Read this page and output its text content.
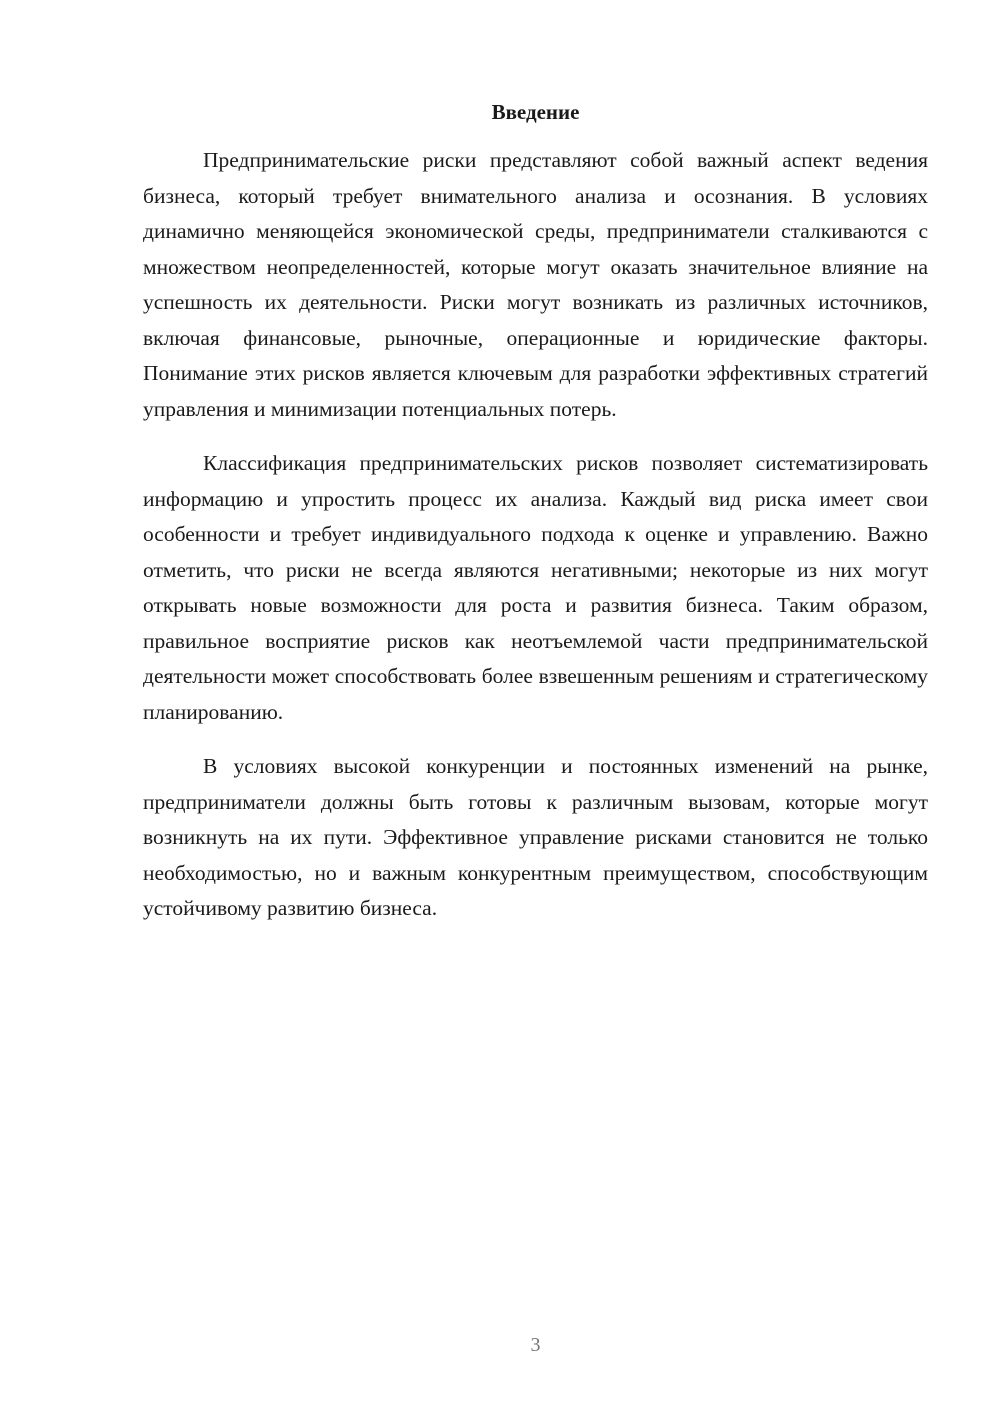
Введение

Предпринимательские риски представляют собой важный аспект ведения бизнеса, который требует внимательного анализа и осознания. В условиях динамично меняющейся экономической среды, предприниматели сталкиваются с множеством неопределенностей, которые могут оказать значительное влияние на успешность их деятельности. Риски могут возникать из различных источников, включая финансовые, рыночные, операционные и юридические факторы. Понимание этих рисков является ключевым для разработки эффективных стратегий управления и минимизации потенциальных потерь.

Классификация предпринимательских рисков позволяет систематизировать информацию и упростить процесс их анализа. Каждый вид риска имеет свои особенности и требует индивидуального подхода к оценке и управлению. Важно отметить, что риски не всегда являются негативными; некоторые из них могут открывать новые возможности для роста и развития бизнеса. Таким образом, правильное восприятие рисков как неотъемлемой части предпринимательской деятельности может способствовать более взвешенным решениям и стратегическому планированию.

В условиях высокой конкуренции и постоянных изменений на рынке, предприниматели должны быть готовы к различным вызовам, которые могут возникнуть на их пути. Эффективное управление рисками становится не только необходимостью, но и важным конкурентным преимуществом, способствующим устойчивому развитию бизнеса.

3
